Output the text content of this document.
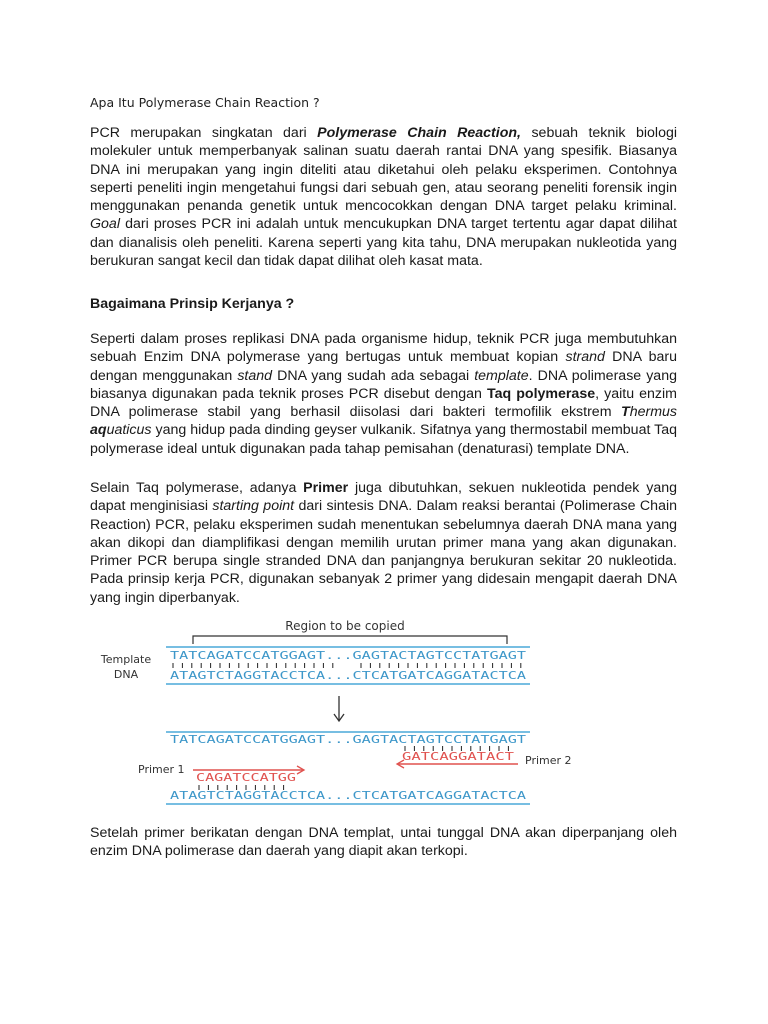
Apa Itu Polymerase Chain Reaction ?
PCR merupakan singkatan dari Polymerase Chain Reaction, sebuah teknik biologi molekuler untuk memperbanyak salinan suatu daerah rantai DNA yang spesifik. Biasanya DNA ini merupakan yang ingin diteliti atau diketahui oleh pelaku eksperimen. Contohnya seperti peneliti ingin mengetahui fungsi dari sebuah gen, atau seorang peneliti forensik ingin menggunakan penanda genetik untuk mencocokkan dengan DNA target pelaku kriminal. Goal dari proses PCR ini adalah untuk mencukupkan DNA target tertentu agar dapat dilihat dan dianalisis oleh peneliti. Karena seperti yang kita tahu, DNA merupakan nukleotida yang berukuran sangat kecil dan tidak dapat dilihat oleh kasat mata.
Bagaimana Prinsip Kerjanya ?
Seperti dalam proses replikasi DNA pada organisme hidup, teknik PCR juga membutuhkan sebuah Enzim DNA polymerase yang bertugas untuk membuat kopian strand DNA baru dengan menggunakan stand DNA yang sudah ada sebagai template. DNA polimerase yang biasanya digunakan pada teknik proses PCR disebut dengan Taq polymerase, yaitu enzim DNA polimerase stabil yang berhasil diisolasi dari bakteri termofilik ekstrem Thermus aquaticus yang hidup pada dinding geyser vulkanik. Sifatnya yang thermostabil membuat Taq polymerase ideal untuk digunakan pada tahap pemisahan (denaturasi) template DNA.
Selain Taq polymerase, adanya Primer juga dibutuhkan, sekuen nukleotida pendek yang dapat menginisiasi starting point dari sintesis DNA. Dalam reaksi berantai (Polimerase Chain Reaction) PCR, pelaku eksperimen sudah menentukan sebelumnya daerah DNA mana yang akan dikopi dan diamplifikasi dengan memilih urutan primer mana yang akan digunakan. Primer PCR berupa single stranded DNA dan panjangnya berukuran sekitar 20 nukleotida. Pada prinsip kerja PCR, digunakan sebanyak 2 primer yang didesain mengapit daerah DNA yang ingin diperbanyak.
Setelah primer berikatan dengan DNA templat, untai tunggal DNA akan diperpanjang oleh enzim DNA polimerase dan daerah yang diapit akan terkopi.
Region to be copied
Template
DNA
TATCAGATCCATGGAGT...GAGTACTAGTCCTATGAGT
ATAGTCTAGGTACCTCA...CTCATGATCAGGATACTCA
TATCAGATCCATGGAGT...GAGTACTAGTCCTATGAGT
GATCAGGATACT Primer 2
Primer 1
CAGATCCATGG
ATAGTCTAGGTACCTCA...CTCATGATCAGGATACTCA
